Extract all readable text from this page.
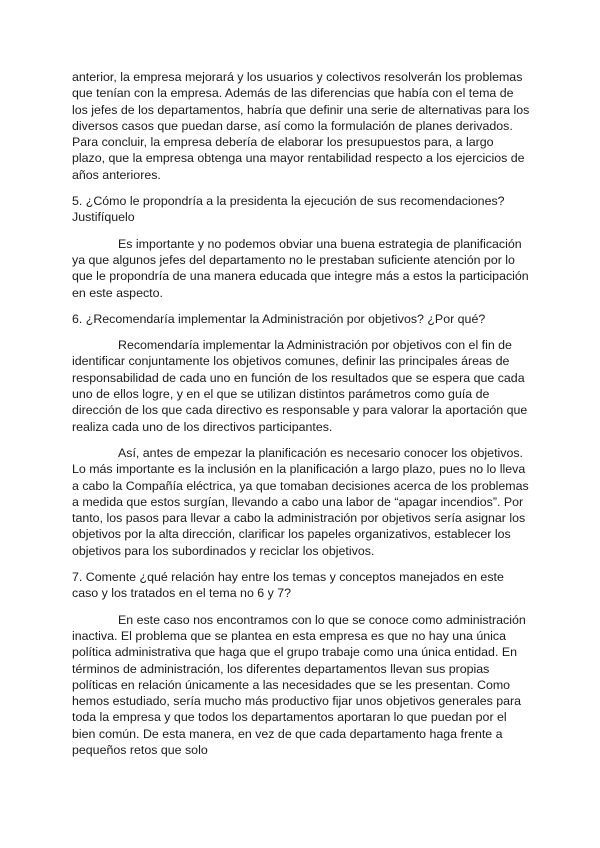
anterior, la empresa mejorará y los usuarios y colectivos resolverán los problemas que tenían con la empresa. Además de las diferencias que había con el tema de los jefes de los departamentos, habría que definir una serie de alternativas para los diversos casos que puedan darse, así como la formulación de planes derivados. Para concluir, la empresa debería de elaborar los presupuestos para, a largo plazo, que la empresa obtenga una mayor rentabilidad respecto a los ejercicios de años anteriores.

5. ¿Cómo le propondría a la presidenta la ejecución de sus recomendaciones? Justifíquelo

Es importante y no podemos obviar una buena estrategia de planificación ya que algunos jefes del departamento no le prestaban suficiente atención por lo que le propondría de una manera educada que integre más a estos la participación en este aspecto.

6. ¿Recomendaría implementar la Administración por objetivos? ¿Por qué?

Recomendaría implementar la Administración por objetivos con el fin de identificar conjuntamente los objetivos comunes, definir las principales áreas de responsabilidad de cada uno en función de los resultados que se espera que cada uno de ellos logre, y en el que se utilizan distintos parámetros como guía de dirección de los que cada directivo es responsable y para valorar la aportación que realiza cada uno de los directivos participantes.

Así, antes de empezar la planificación es necesario conocer los objetivos. Lo más importante es la inclusión en la planificación a largo plazo, pues no lo lleva a cabo la Compañía eléctrica, ya que tomaban decisiones acerca de los problemas a medida que estos surgían, llevando a cabo una labor de “apagar incendios”. Por tanto, los pasos para llevar a cabo la administración por objetivos sería asignar los objetivos por la alta dirección, clarificar los papeles organizativos, establecer los objetivos para los subordinados y reciclar los objetivos.

7. Comente ¿qué relación hay entre los temas y conceptos manejados en este caso y los tratados en el tema no 6 y 7?

En este caso nos encontramos con lo que se conoce como administración inactiva. El problema que se plantea en esta empresa es que no hay una única política administrativa que haga que el grupo trabaje como una única entidad. En términos de administración, los diferentes departamentos llevan sus propias políticas en relación únicamente a las necesidades que se les presentan. Como hemos estudiado, sería mucho más productivo fijar unos objetivos generales para toda la empresa y que todos los departamentos aportaran lo que puedan por el bien común. De esta manera, en vez de que cada departamento haga frente a pequeños retos que solo
